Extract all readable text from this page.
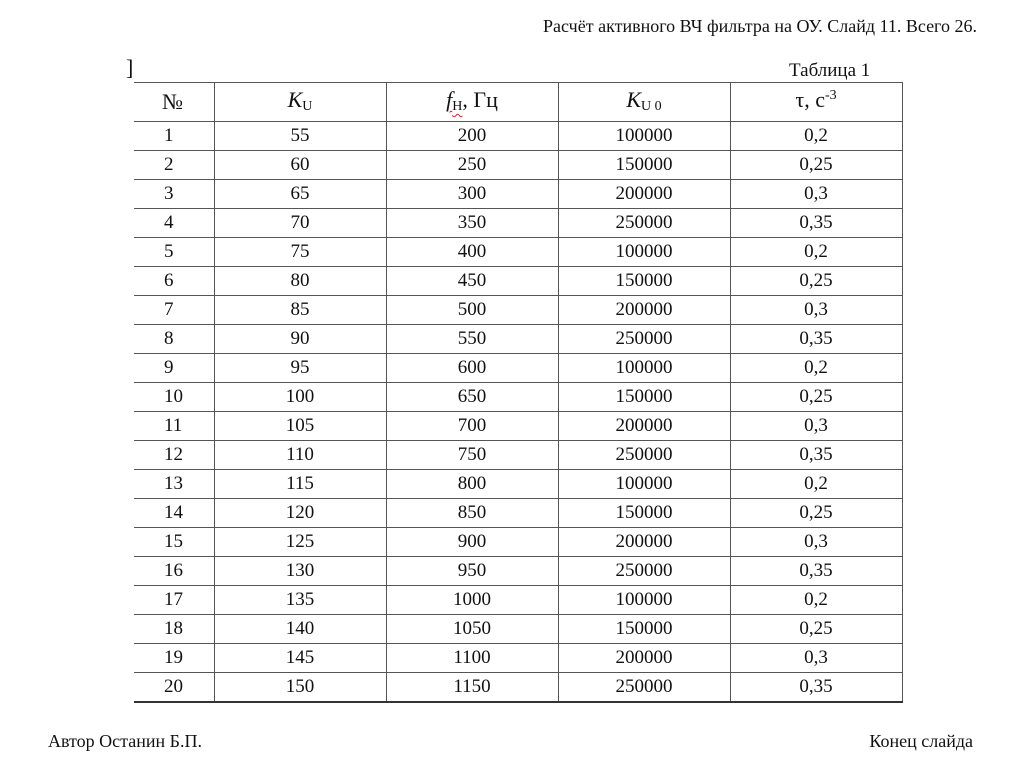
Расчёт активного ВЧ фильтра на ОУ. Слайд 11. Всего 26.
]	Таблица 1
№	KU	fН, Гц	KU 0	τ, $с^{-3}$
1	55	200	100000	0,2
2	60	250	150000	0,25
3	65	300	200000	0,3
4	70	350	250000	0,35
5	75	400	100000	0,2
6	80	450	150000	0,25
7	85	500	200000	0,3
8	90	550	250000	0,35
9	95	600	100000	0,2
10	100	650	150000	0,25
11	105	700	200000	0,3
12	110	750	250000	0,35
13	115	800	100000	0,2
14	120	850	150000	0,25
15	125	900	200000	0,3
16	130	950	250000	0,35
17	135	1000	100000	0,2
18	140	1050	150000	0,25
19	145	1100	200000	0,3
20	150	1150	250000	0,35
Автор Останин Б.П.	Конец слайда
